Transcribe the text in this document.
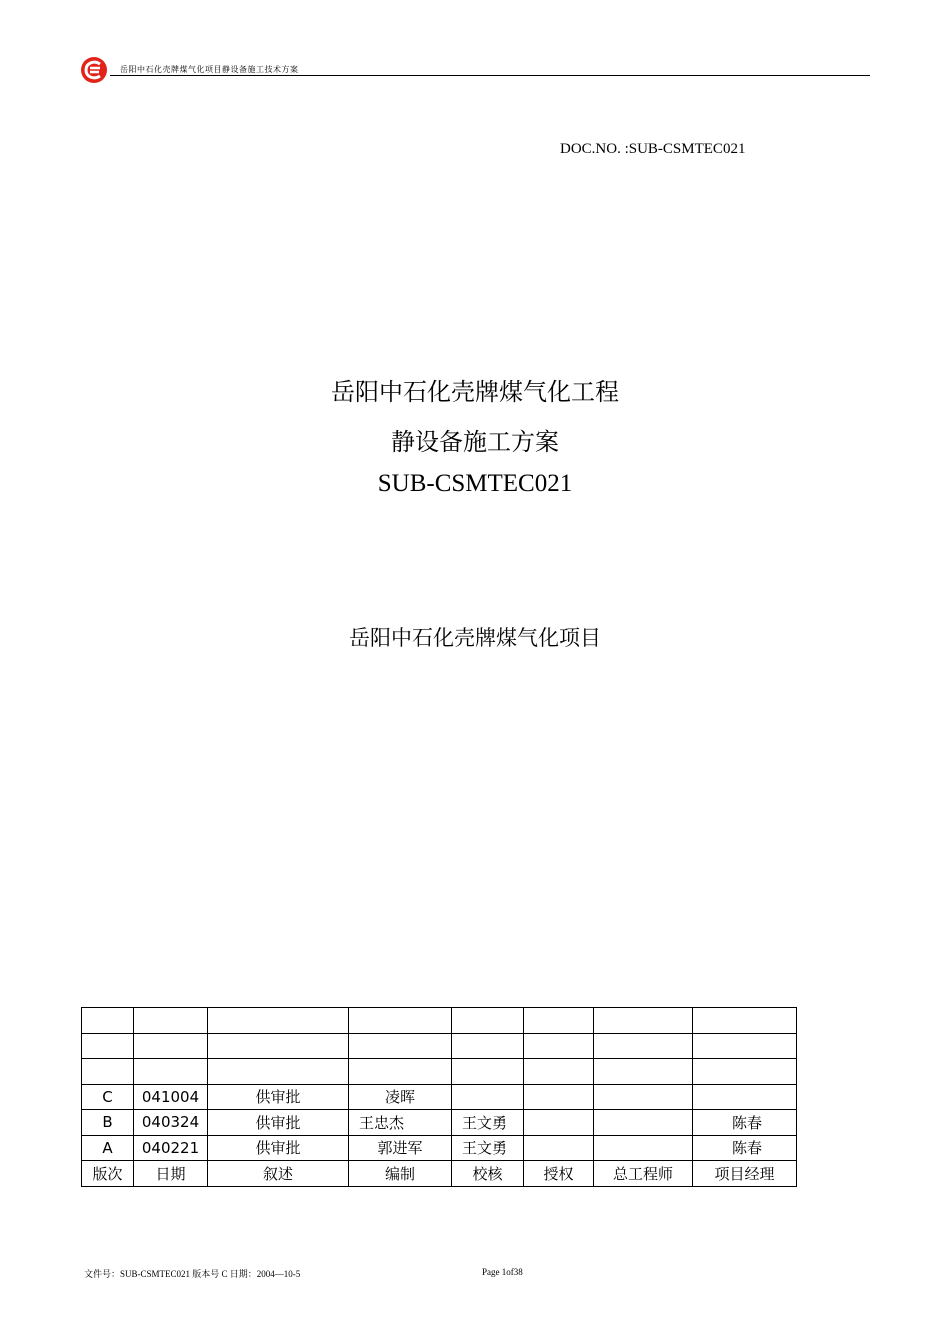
岳阳中石化壳牌煤气化项目静设备施工技术方案
DOC.NO. :SUB-CSMTEC021
岳阳中石化壳牌煤气化工程
静设备施工方案
SUB-CSMTEC021
岳阳中石化壳牌煤气化项目

C	041004	供审批	凌晖				
B	040324	供审批	王忠杰	王文勇			陈春
A	040221	供审批	郭进军	王文勇			陈春
版次	日期	叙述	编制	校核	授权	总工程师	项目经理
文件号：SUB-CSMTEC021 版本号 C 日期：2004—10-5	Page 1of38
